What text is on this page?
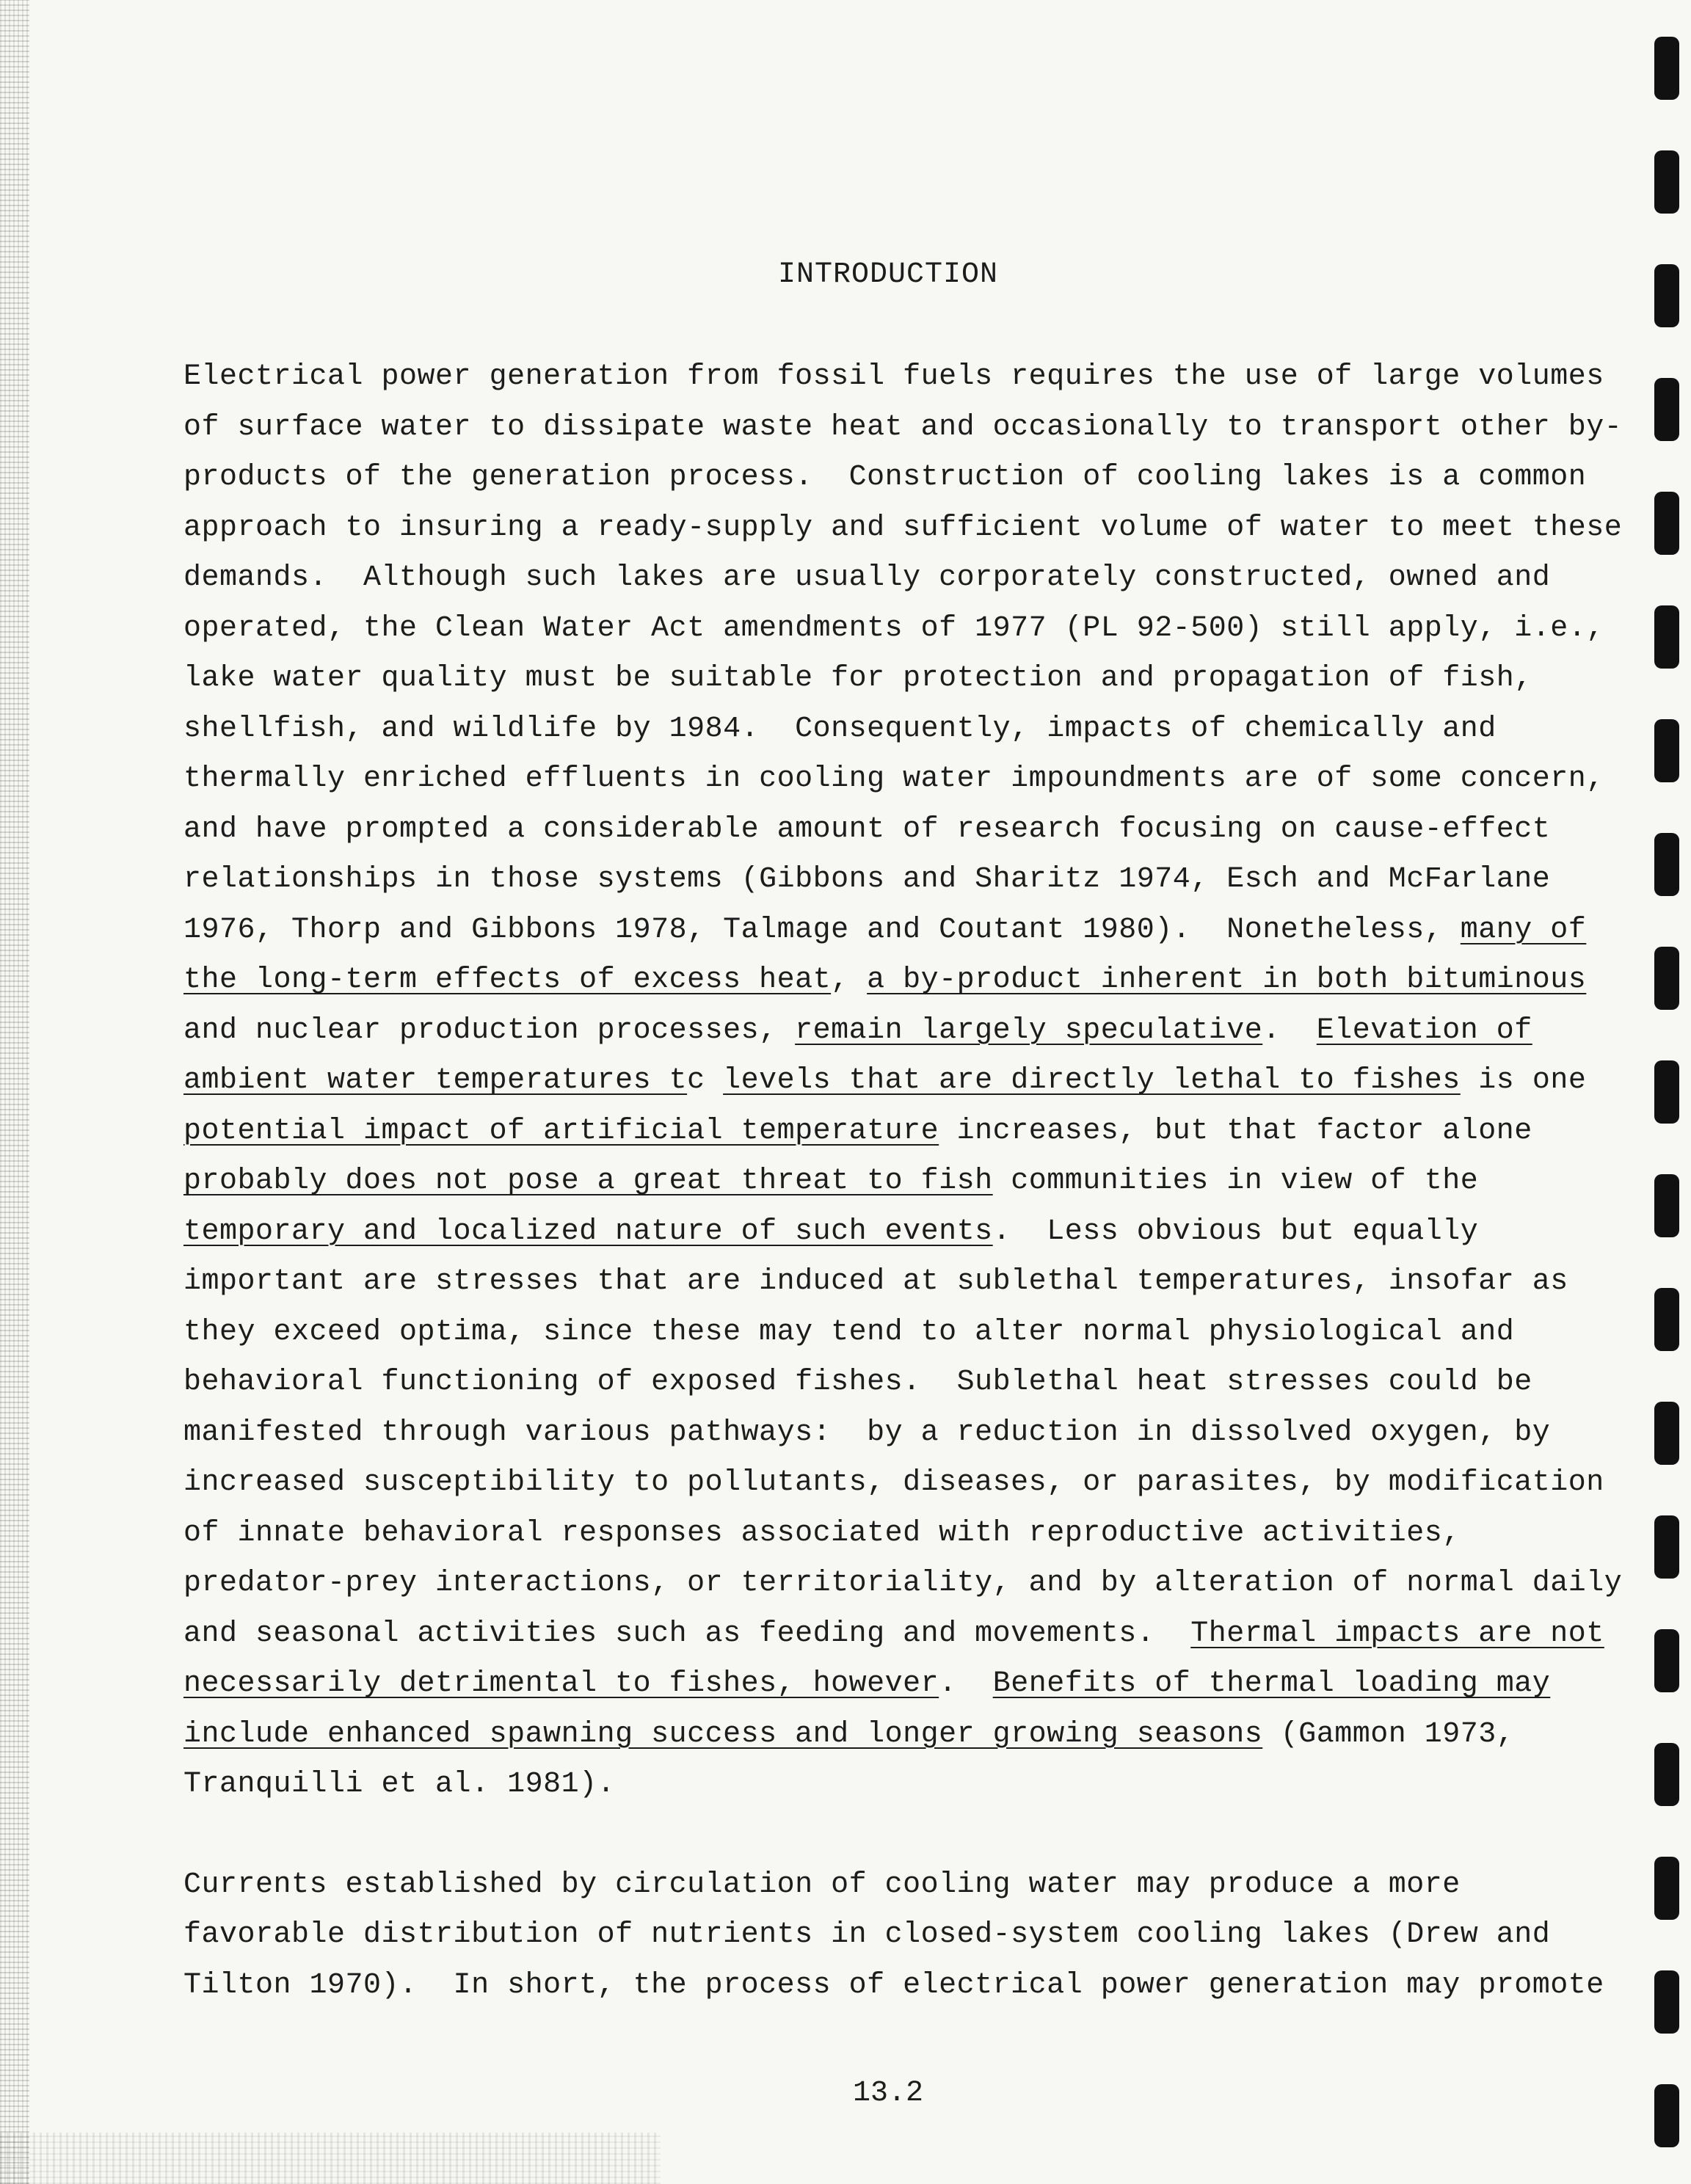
INTRODUCTION
Electrical power generation from fossil fuels requires the use of large volumes
of surface water to dissipate waste heat and occasionally to transport other by-
products of the generation process.  Construction of cooling lakes is a common
approach to insuring a ready-supply and sufficient volume of water to meet these
demands.  Although such lakes are usually corporately constructed, owned and
operated, the Clean Water Act amendments of 1977 (PL 92-500) still apply, i.e.,
lake water quality must be suitable for protection and propagation of fish,
shellfish, and wildlife by 1984.  Consequently, impacts of chemically and
thermally enriched effluents in cooling water impoundments are of some concern,
and have prompted a considerable amount of research focusing on cause-effect
relationships in those systems (Gibbons and Sharitz 1974, Esch and McFarlane
1976, Thorp and Gibbons 1978, Talmage and Coutant 1980).  Nonetheless, many of
the long-term effects of excess heat, a by-product inherent in both bituminous
and nuclear production processes, remain largely speculative.  Elevation of
ambient water temperatures tc levels that are directly lethal to fishes is one
potential impact of artificial temperature increases, but that factor alone
probably does not pose a great threat to fish communities in view of the
temporary and localized nature of such events.  Less obvious but equally
important are stresses that are induced at sublethal temperatures, insofar as
they exceed optima, since these may tend to alter normal physiological and
behavioral functioning of exposed fishes.  Sublethal heat stresses could be
manifested through various pathways:  by a reduction in dissolved oxygen, by
increased susceptibility to pollutants, diseases, or parasites, by modification
of innate behavioral responses associated with reproductive activities,
predator-prey interactions, or territoriality, and by alteration of normal daily
and seasonal activities such as feeding and movements.  Thermal impacts are not
necessarily detrimental to fishes, however.  Benefits of thermal loading may
include enhanced spawning success and longer growing seasons (Gammon 1973,
Tranquilli et al. 1981).
Currents established by circulation of cooling water may produce a more
favorable distribution of nutrients in closed-system cooling lakes (Drew and
Tilton 1970).  In short, the process of electrical power generation may promote
13.2
